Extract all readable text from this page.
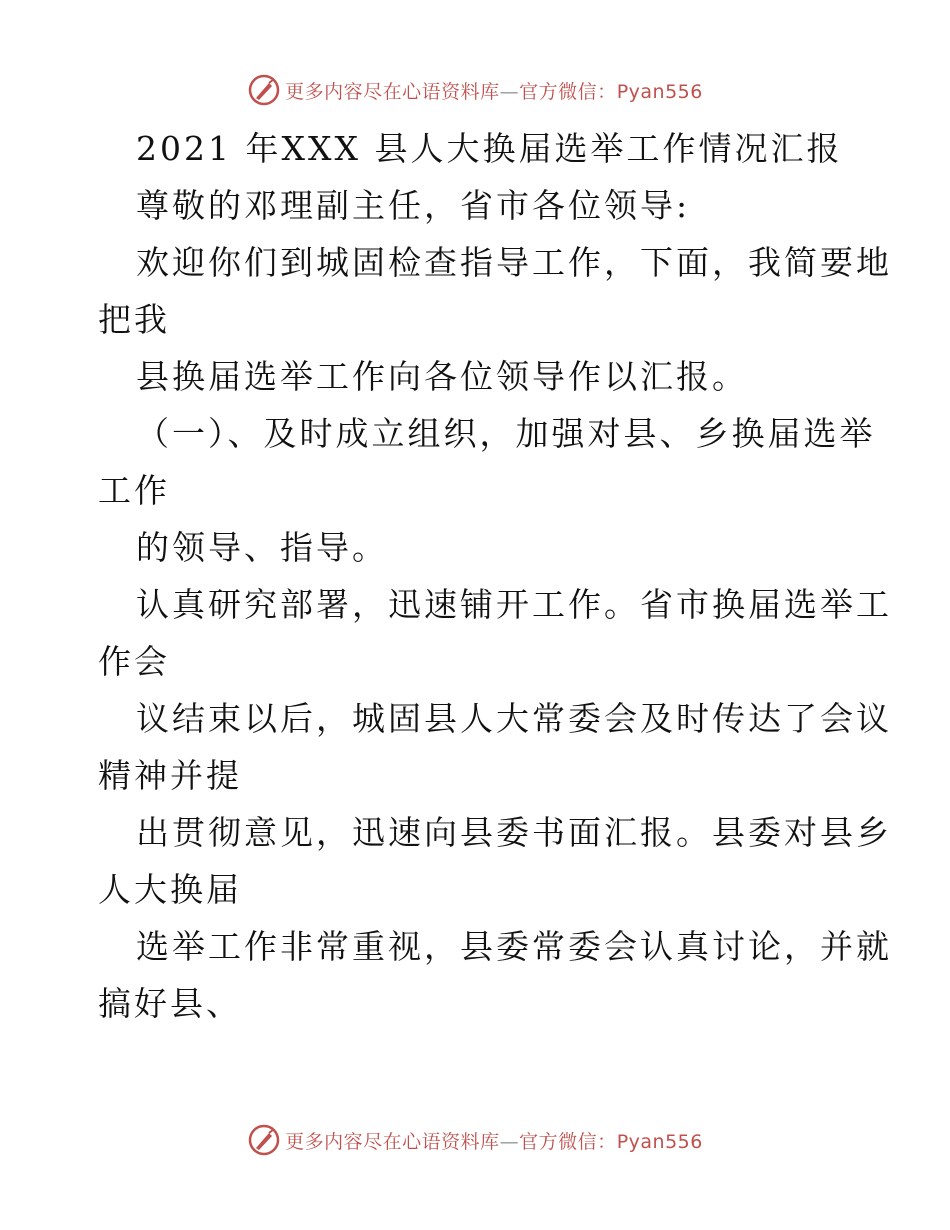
更多内容尽在心语资料库—官方微信：Pyan556
2021 年XXX 县人大换届选举工作情况汇报
尊敬的邓理副主任，省市各位领导:
欢迎你们到城固检查指导工作，下面，我简要地
把我
县换届选举工作向各位领导作以汇报。
（一）、及时成立组织，加强对县、乡换届选举
工作
的领导、指导。
认真研究部署，迅速铺开工作。省市换届选举工
作会
议结束以后，城固县人大常委会及时传达了会议
精神并提
出贯彻意见，迅速向县委书面汇报。县委对县乡
人大换届
选举工作非常重视，县委常委会认真讨论，并就
搞好县、
更多内容尽在心语资料库—官方微信：Pyan556
